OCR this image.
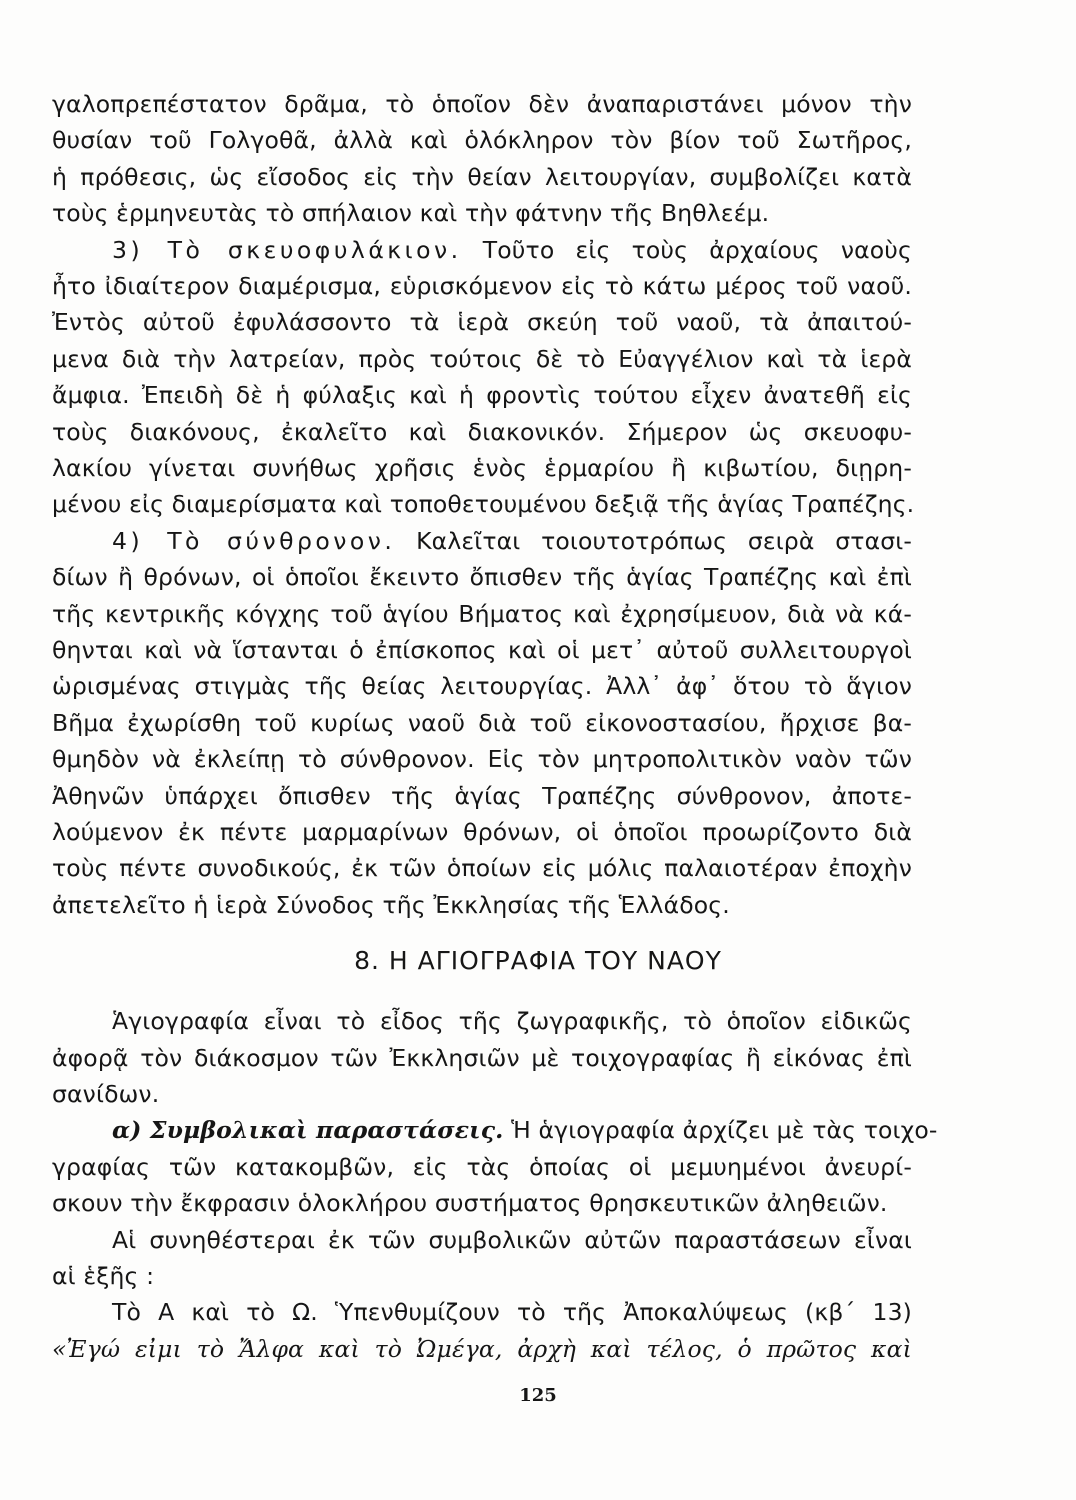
γαλοπρεπέστατον δρᾶμα, τὸ ὁποῖον δὲν ἀναπαριστάνει μόνον τὴν
θυσίαν τοῦ Γολγοθᾶ, ἀλλὰ καὶ ὁλόκληρον τὸν βίον τοῦ Σωτῆρος,
ἡ πρόθεσις, ὡς εἴσοδος εἰς τὴν θείαν λειτουργίαν, συμβολίζει κατὰ
τοὺς ἑρμηνευτὰς τὸ σπήλαιον καὶ τὴν φάτνην τῆς Βηθλεέμ.
3) Τὸ σκευοφυλάκιον. Τοῦτο εἰς τοὺς ἀρχαίους ναοὺς
ἦτο ἰδιαίτερον διαμέρισμα, εὑρισκόμενον εἰς τὸ κάτω μέρος τοῦ ναοῦ.
Ἐντὸς αὐτοῦ ἐφυλάσσοντο τὰ ἱερὰ σκεύη τοῦ ναοῦ, τὰ ἀπαιτού-
μενα διὰ τὴν λατρείαν, πρὸς τούτοις δὲ τὸ Εὐαγγέλιον καὶ τὰ ἱερὰ
ἄμφια. Ἐπειδὴ δὲ ἡ φύλαξις καὶ ἡ φροντὶς τούτου εἶχεν ἀνατεθῆ εἰς
τοὺς διακόνους, ἐκαλεῖτο καὶ διακονικόν. Σήμερον ὡς σκευοφυ-
λακίου γίνεται συνήθως χρῆσις ἑνὸς ἑρμαρίου ἢ κιβωτίου, διῃρη-
μένου εἰς διαμερίσματα καὶ τοποθετουμένου δεξιᾷ τῆς ἁγίας Τραπέζης.
4) Τὸ σύνθρονον. Καλεῖται τοιουτοτρόπως σειρὰ στασι-
δίων ἢ θρόνων, οἱ ὁποῖοι ἔκειντο ὄπισθεν τῆς ἁγίας Τραπέζης καὶ ἐπὶ
τῆς κεντρικῆς κόγχης τοῦ ἁγίου Βήματος καὶ ἐχρησίμευον, διὰ νὰ κά-
θηνται καὶ νὰ ἵστανται ὁ ἐπίσκοπος καὶ οἱ μετ᾽ αὐτοῦ συλλειτουργοὶ
ὡρισμένας στιγμὰς τῆς θείας λειτουργίας. Ἀλλ᾽ ἀφ᾽ ὅτου τὸ ἅγιον
Βῆμα ἐχωρίσθη τοῦ κυρίως ναοῦ διὰ τοῦ εἰκονοστασίου, ἤρχισε βα-
θμηδὸν νὰ ἐκλείπῃ τὸ σύνθρονον. Εἰς τὸν μητροπολιτικὸν ναὸν τῶν
Ἀθηνῶν ὑπάρχει ὄπισθεν τῆς ἁγίας Τραπέζης σύνθρονον, ἀποτε-
λούμενον ἐκ πέντε μαρμαρίνων θρόνων, οἱ ὁποῖοι προωρίζοντο διὰ
τοὺς πέντε συνοδικούς, ἐκ τῶν ὁποίων εἰς μόλις παλαιοτέραν ἐποχὴν
ἀπετελεῖτο ἡ ἱερὰ Σύνοδος τῆς Ἐκκλησίας τῆς Ἑλλάδος.
8. Η ΑΓΙΟΓΡΑΦΙΑ ΤΟΥ ΝΑΟΥ
Ἁγιογραφία εἶναι τὸ εἶδος τῆς ζωγραφικῆς, τὸ ὁποῖον εἰδικῶς
ἀφορᾷ τὸν διάκοσμον τῶν Ἐκκλησιῶν μὲ τοιχογραφίας ἢ εἰκόνας ἐπὶ
σανίδων.
α) Συμβολικαὶ παραστάσεις. Ἡ ἁγιογραφία ἀρχίζει μὲ τὰς τοιχο-
γραφίας τῶν κατακομβῶν, εἰς τὰς ὁποίας οἱ μεμυημένοι ἀνευρί-
σκουν τὴν ἔκφρασιν ὁλοκλήρου συστήματος θρησκευτικῶν ἀληθειῶν.
Αἱ συνηθέστεραι ἐκ τῶν συμβολικῶν αὐτῶν παραστάσεων εἶναι
αἱ ἑξῆς :
Τὸ Α καὶ τὸ Ω. Ὑπενθυμίζουν τὸ τῆς Ἀποκαλύψεως (κβ΄ 13)
«Ἐγώ εἰμι τὸ Ἄλφα καὶ τὸ Ὠμέγα, ἀρχὴ καὶ τέλος, ὁ πρῶτος καὶ
125
